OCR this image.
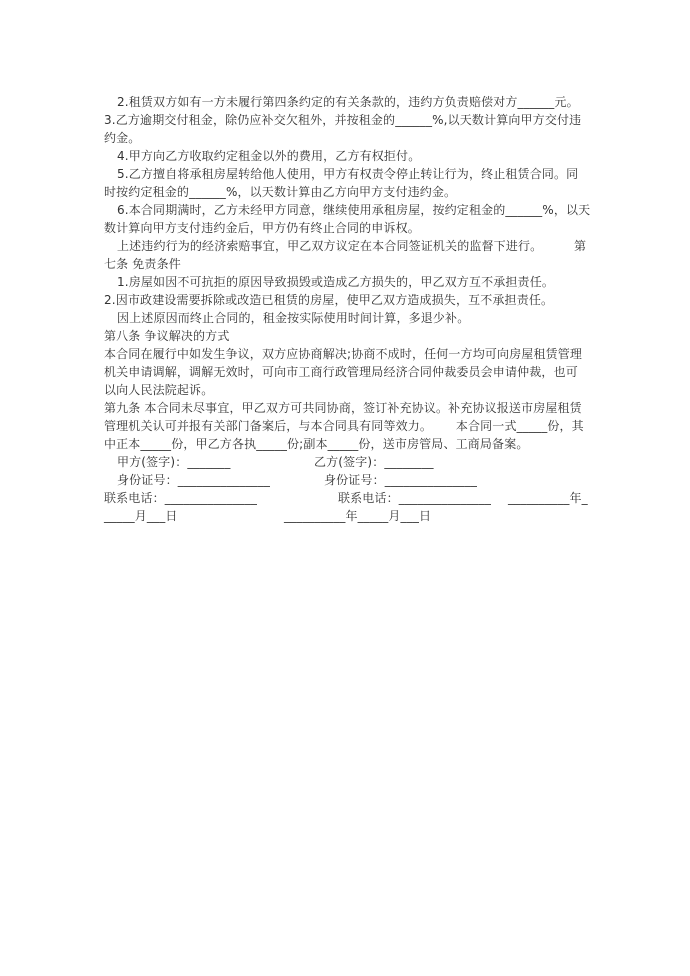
2.租赁双方如有一方未履行第四条约定的有关条款的，违约方负责赔偿对方______元。
3.乙方逾期交付租金，除仍应补交欠租外，并按租金的______%,以天数计算向甲方交付违
约金。
4.甲方向乙方收取约定租金以外的费用，乙方有权拒付。
5.乙方擅自将承租房屋转给他人使用，甲方有权责令停止转让行为，终止租赁合同。同
时按约定租金的______%，以天数计算由乙方向甲方支付违约金。
6.本合同期满时，乙方未经甲方同意，继续使用承租房屋，按约定租金的______%，以天
数计算向甲方支付违约金后，甲方仍有终止合同的申诉权。
上述违约行为的经济索赔事宜，甲乙双方议定在本合同签证机关的监督下进行。        第
七条 免责条件
1.房屋如因不可抗拒的原因导致损毁或造成乙方损失的，甲乙双方互不承担责任。
2.因市政建设需要拆除或改造已租赁的房屋，使甲乙双方造成损失，互不承担责任。
因上述原因而终止合同的，租金按实际使用时间计算，多退少补。
第八条 争议解决的方式
本合同在履行中如发生争议，双方应协商解决;协商不成时，任何一方均可向房屋租赁管理
机关申请调解，调解无效时，可向市工商行政管理局经济合同仲裁委员会申请仲裁，也可
以向人民法院起诉。
第九条 本合同未尽事宜，甲乙双方可共同协商，签订补充协议。补充协议报送市房屋租赁
管理机关认可并报有关部门备案后，与本合同具有同等效力。      本合同一式_____份，其
中正本_____份，甲乙方各执_____份;副本_____份，送市房管局、工商局备案。
甲方(签字)：_______	乙方(签字)：________
身份证号：_______________	身份证号：_______________
联系电话：_______________	联系电话：_______________ __________年_
_____月___日	__________年_____月___日
